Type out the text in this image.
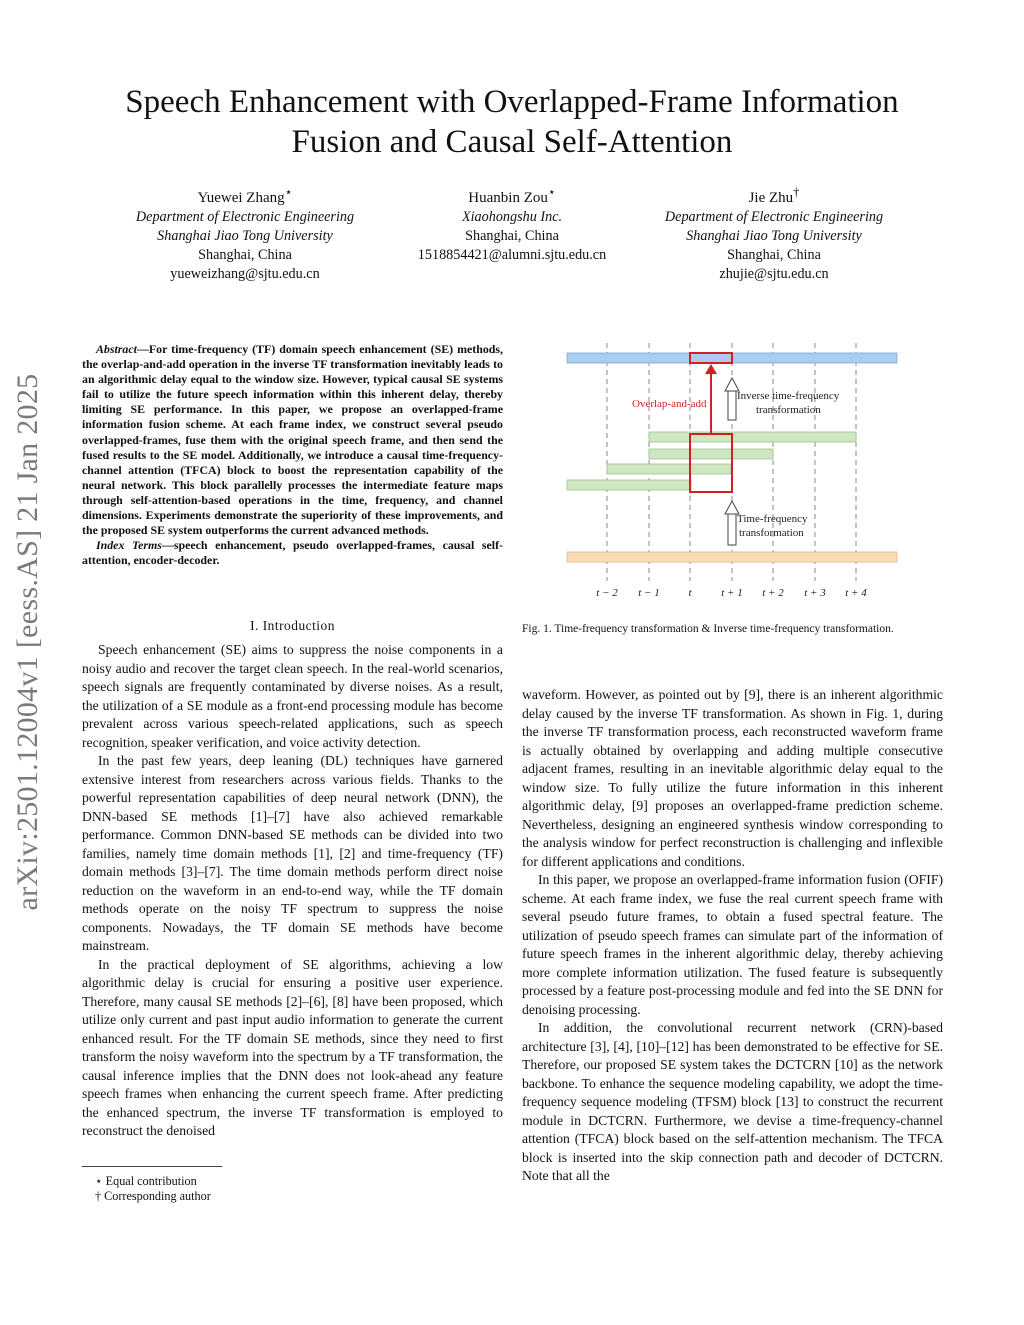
arXiv:2501.12004v1 [eess.AS] 21 Jan 2025
Speech Enhancement with Overlapped-Frame Information
Fusion and Causal Self-Attention
Yuewei Zhang⋆
Department of Electronic Engineering
Shanghai Jiao Tong University
Shanghai, China
yueweizhang@sjtu.edu.cn
Huanbin Zou⋆
Xiaohongshu Inc.
Shanghai, China
1518854421@alumni.sjtu.edu.cn
Jie Zhu†
Department of Electronic Engineering
Shanghai Jiao Tong University
Shanghai, China
zhujie@sjtu.edu.cn

Abstract—For time-frequency (TF) domain speech enhancement (SE) methods, the overlap-and-add operation in the inverse TF transformation inevitably leads to an algorithmic delay equal to the window size. However, typical causal SE systems fail to utilize the future speech information within this inherent delay, thereby limiting SE performance. In this paper, we propose an overlapped-frame information fusion scheme. At each frame index, we construct several pseudo overlapped-frames, fuse them with the original speech frame, and then send the fused results to the SE model. Additionally, we introduce a causal time-frequency-channel attention (TFCA) block to boost the representation capability of the neural network. This block parallelly processes the intermediate feature maps through self-attention-based operations in the time, frequency, and channel dimensions. Experiments demonstrate the superiority of these improvements, and the proposed SE system outperforms the current advanced methods.

Index Terms—speech enhancement, pseudo overlapped-frames, causal self-attention, encoder-decoder.

I. Introduction

Speech enhancement (SE) aims to suppress the noise components in a noisy audio and recover the target clean speech. In the real-world scenarios, speech signals are frequently contaminated by diverse noises. As a result, the utilization of a SE module as a front-end processing module has become prevalent across various speech-related applications, such as speech recognition, speaker verification, and voice activity detection.

In the past few years, deep leaning (DL) techniques have garnered extensive interest from researchers across various fields. Thanks to the powerful representation capabilities of deep neural network (DNN), the DNN-based SE methods [1]–[7] have also achieved remarkable performance. Common DNN-based SE methods can be divided into two families, namely time domain methods [1], [2] and time-frequency (TF) domain methods [3]–[7]. The time domain methods perform direct noise reduction on the waveform in an end-to-end way, while the TF domain methods operate on the noisy TF spectrum to suppress the noise components. Nowadays, the TF domain SE methods have become mainstream.

In the practical deployment of SE algorithms, achieving a low algorithmic delay is crucial for ensuring a positive user experience. Therefore, many causal SE methods [2]–[6], [8] have been proposed, which utilize only current and past input audio information to generate the current enhanced result. For the TF domain SE methods, since they need to first transform the noisy waveform into the spectrum by a TF transformation, the causal inference implies that the DNN does not look-ahead any feature speech frames when enhancing the current speech frame. After predicting the enhanced spectrum, the inverse TF transformation is employed to reconstruct the denoised

⋆ Equal contribution
† Corresponding author
Overlap-and-add
Inverse time-frequency
transformation
Time-frequency
transformation
t − 2 t − 1	t	t + 1 t + 2 t + 3 t + 4
Fig. 1. Time-frequency transformation & Inverse time-frequency transformation.

waveform. However, as pointed out by [9], there is an inherent algorithmic delay caused by the inverse TF transformation. As shown in Fig. 1, during the inverse TF transformation process, each reconstructed waveform frame is actually obtained by overlapping and adding multiple consecutive adjacent frames, resulting in an inevitable algorithmic delay equal to the window size. To fully utilize the future information in this inherent algorithmic delay, [9] proposes an overlapped-frame prediction scheme. Nevertheless, designing an engineered synthesis window corresponding to the analysis window for perfect reconstruction is challenging and inflexible for different applications and conditions.

In this paper, we propose an overlapped-frame information fusion (OFIF) scheme. At each frame index, we fuse the real current speech frame with several pseudo future frames, to obtain a fused spectral feature. The utilization of pseudo speech frames can simulate part of the information of future speech frames in the inherent algorithmic delay, thereby achieving more complete information utilization. The fused feature is subsequently processed by a feature post-processing module and fed into the SE DNN for denoising processing.

In addition, the convolutional recurrent network (CRN)-based architecture [3], [4], [10]–[12] has been demonstrated to be effective for SE. Therefore, our proposed SE system takes the DCTCRN [10] as the network backbone. To enhance the sequence modeling capability, we adopt the time-frequency sequence modeling (TFSM) block [13] to construct the recurrent module in DCTCRN. Furthermore, we devise a time-frequency-channel attention (TFCA) block based on the self-attention mechanism. The TFCA block is inserted into the skip connection path and decoder of DCTCRN. Note that all the
